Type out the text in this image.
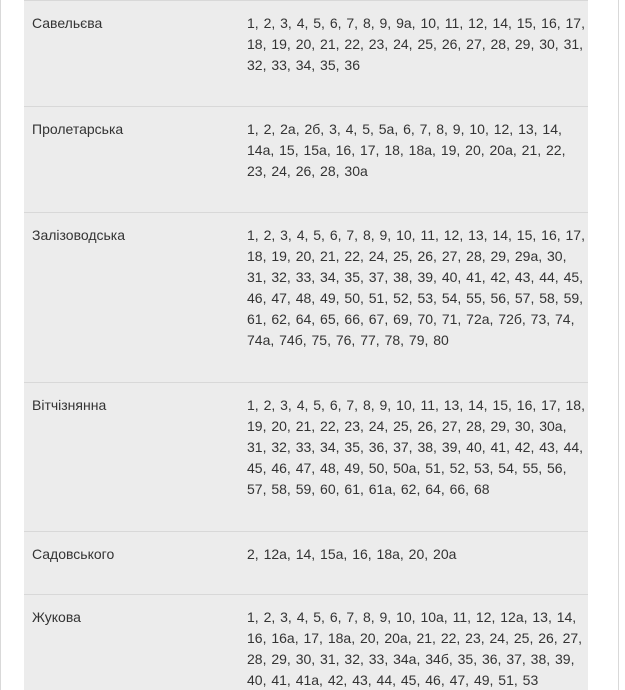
Савельєва	1, 2, 3, 4, 5, 6, 7, 8, 9, 9а, 10, 11, 12, 14, 15, 16, 17,
18, 19, 20, 21, 22, 23, 24, 25, 26, 27, 28, 29, 30, 31,
32, 33, 34, 35, 36
Пролетарська	1, 2, 2а, 2б, 3, 4, 5, 5а, 6, 7, 8, 9, 10, 12, 13, 14,
14а, 15, 15а, 16, 17, 18, 18а, 19, 20, 20а, 21, 22,
23, 24, 26, 28, 30а
Залізоводська	1, 2, 3, 4, 5, 6, 7, 8, 9, 10, 11, 12, 13, 14, 15, 16, 17,
18, 19, 20, 21, 22, 24, 25, 26, 27, 28, 29, 29а, 30,
31, 32, 33, 34, 35, 37, 38, 39, 40, 41, 42, 43, 44, 45,
46, 47, 48, 49, 50, 51, 52, 53, 54, 55, 56, 57, 58, 59,
61, 62, 64, 65, 66, 67, 69, 70, 71, 72а, 72б, 73, 74,
74а, 74б, 75, 76, 77, 78, 79, 80
Вітчізнянна	1, 2, 3, 4, 5, 6, 7, 8, 9, 10, 11, 13, 14, 15, 16, 17, 18,
19, 20, 21, 22, 23, 24, 25, 26, 27, 28, 29, 30, 30а,
31, 32, 33, 34, 35, 36, 37, 38, 39, 40, 41, 42, 43, 44,
45, 46, 47, 48, 49, 50, 50а, 51, 52, 53, 54, 55, 56,
57, 58, 59, 60, 61, 61а, 62, 64, 66, 68
Садовського	2, 12а, 14, 15а, 16, 18а, 20, 20а
Жукова	1, 2, 3, 4, 5, 6, 7, 8, 9, 10, 10а, 11, 12, 12а, 13, 14,
16, 16а, 17, 18а, 20, 20а, 21, 22, 23, 24, 25, 26, 27,
28, 29, 30, 31, 32, 33, 34а, 34б, 35, 36, 37, 38, 39,
40, 41, 41а, 42, 43, 44, 45, 46, 47, 49, 51, 53
